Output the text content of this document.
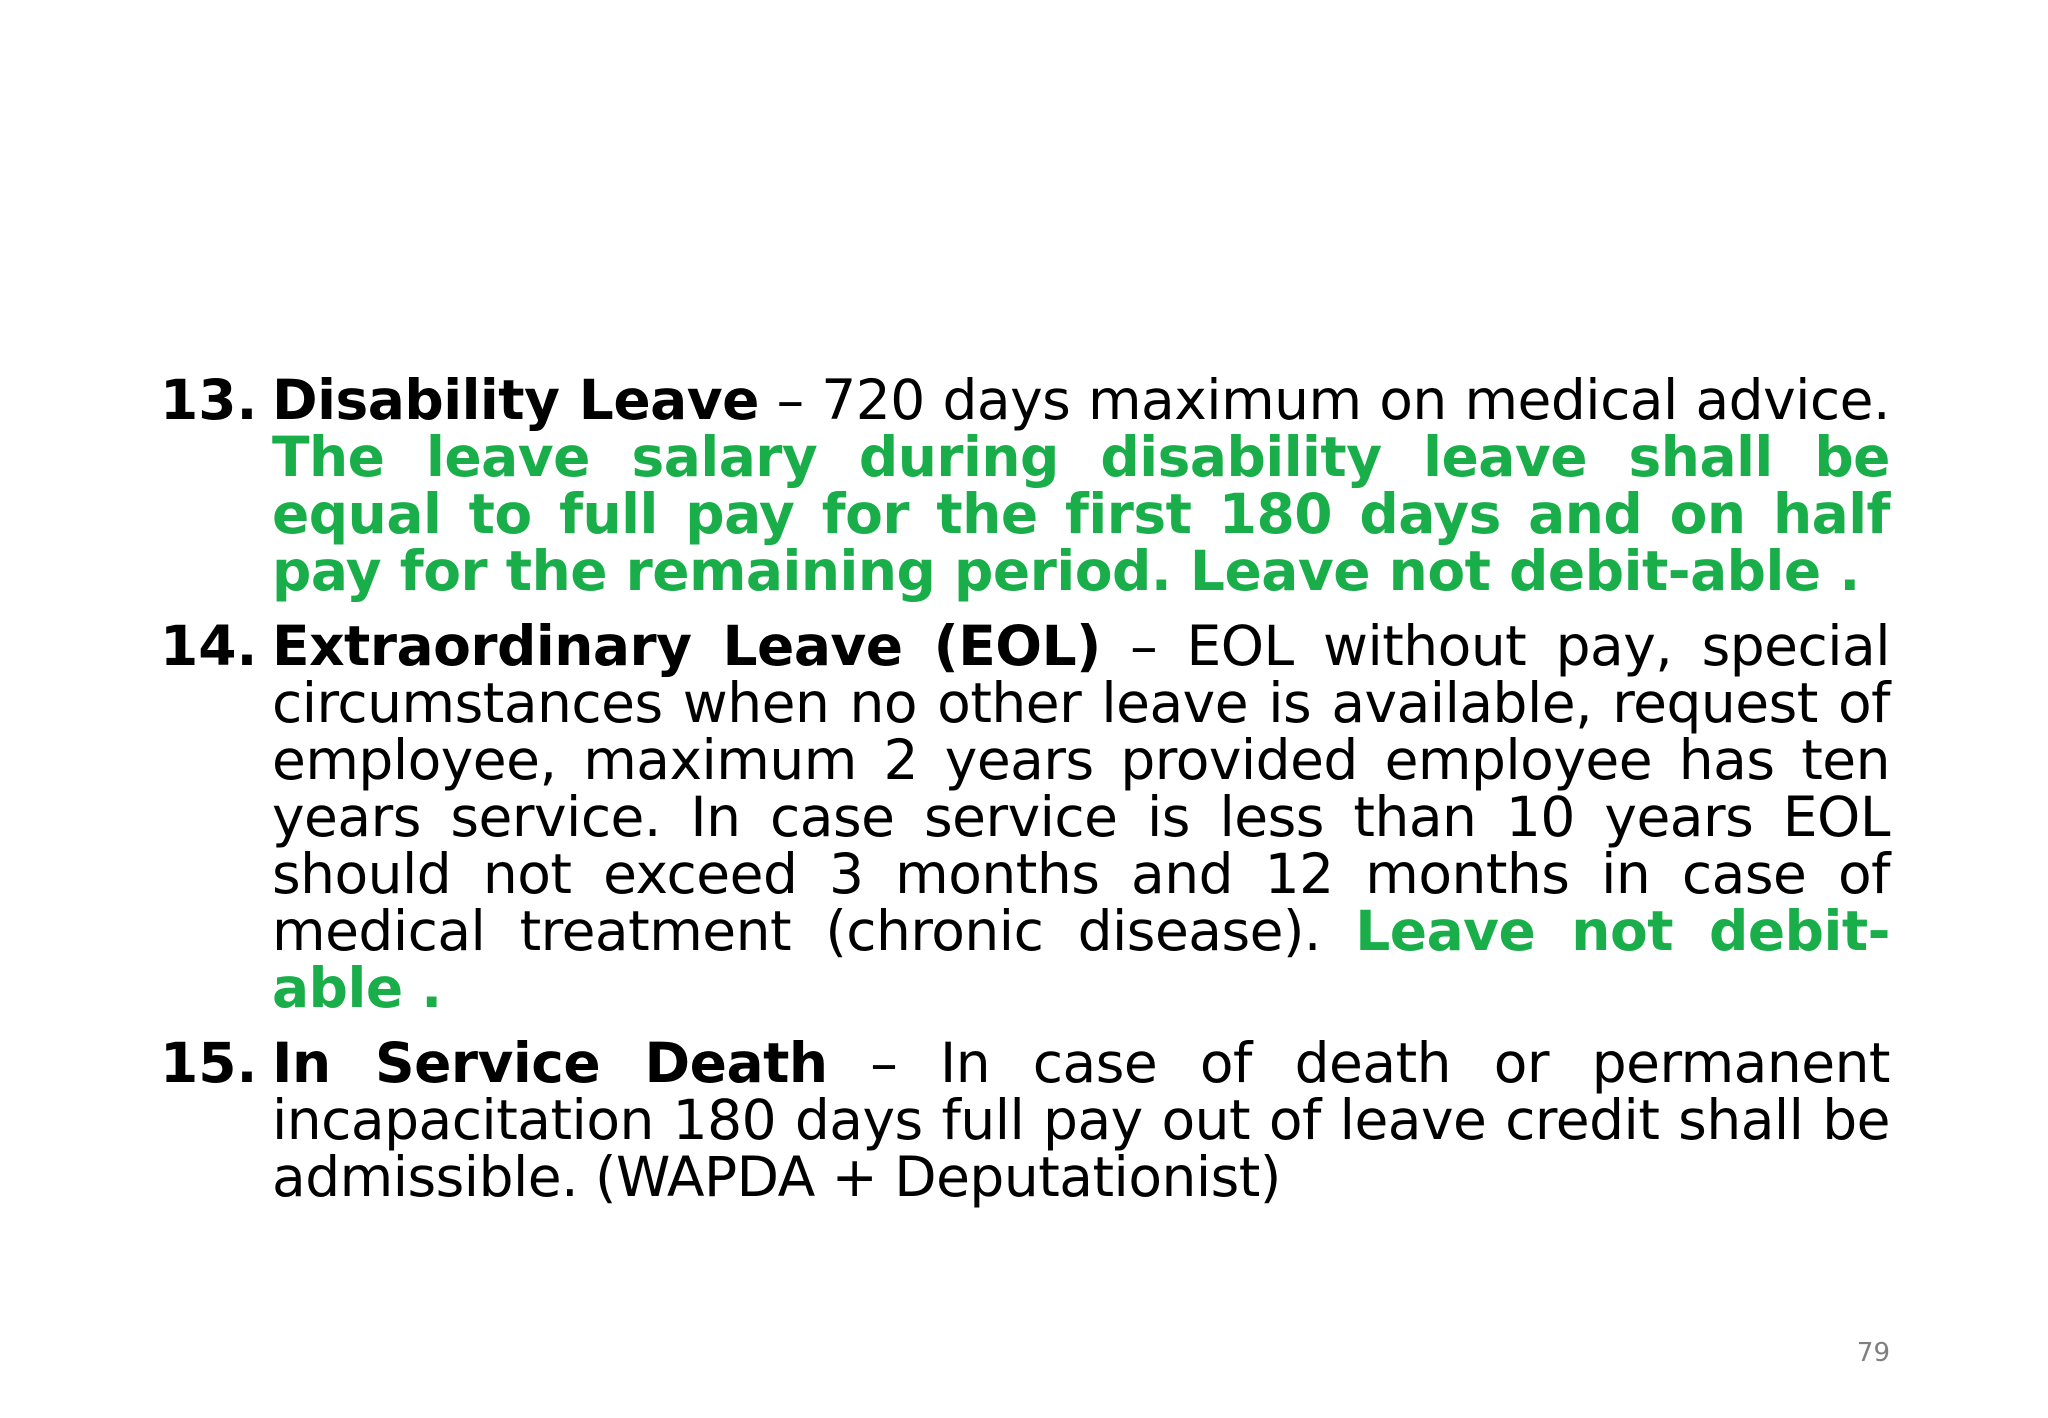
13. Disability Leave – 720 days maximum on medical advice. The leave salary during disability leave shall be equal to full pay for the first 180 days and on half pay for the remaining period. Leave not debit-able .
14. Extraordinary Leave (EOL) – EOL without pay, special circumstances when no other leave is available, request of employee, maximum 2 years provided employee has ten years service. In case service is less than 10 years EOL should not exceed 3 months and 12 months in case of medical treatment (chronic disease). Leave not debit-able .
15. In Service Death – In case of death or permanent incapacitation 180 days full pay out of leave credit shall be admissible. (WAPDA + Deputationist)
79
